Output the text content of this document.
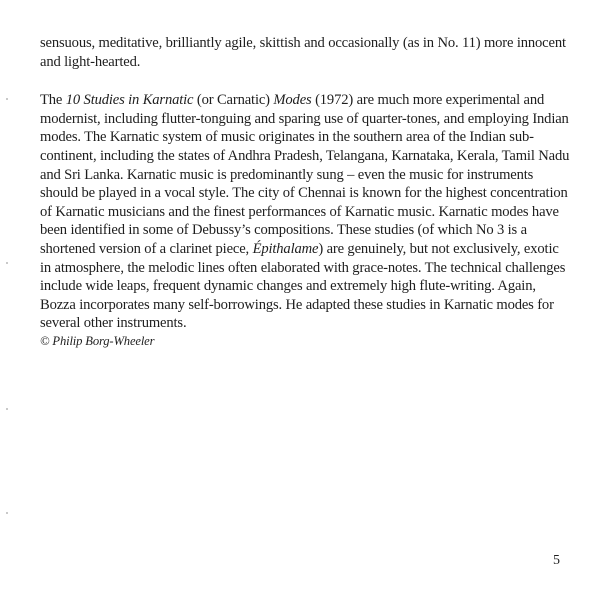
sensuous, meditative, brilliantly agile, skittish and occasionally (as in No. 11) more innocent and light-hearted.

The 10 Studies in Karnatic (or Carnatic) Modes (1972) are much more experimental and modernist, including flutter-tonguing and sparing use of quarter-tones, and employing Indian modes. The Karnatic system of music originates in the southern area of the Indian sub-continent, including the states of Andhra Pradesh, Telangana, Karnataka, Kerala, Tamil Nadu and Sri Lanka. Karnatic music is predominantly sung – even the music for instruments should be played in a vocal style. The city of Chennai is known for the highest concentration of Karnatic musicians and the finest performances of Karnatic music. Karnatic modes have been identified in some of Debussy’s compositions. These studies (of which No 3 is a shortened version of a clarinet piece, Épithalame) are genuinely, but not exclusively, exotic in atmosphere, the melodic lines often elaborated with grace-notes. The technical challenges include wide leaps, frequent dynamic changes and extremely high flute-writing. Again, Bozza incorporates many self-borrowings. He adapted these studies in Karnatic modes for several other instruments.

© Philip Borg-Wheeler

5
